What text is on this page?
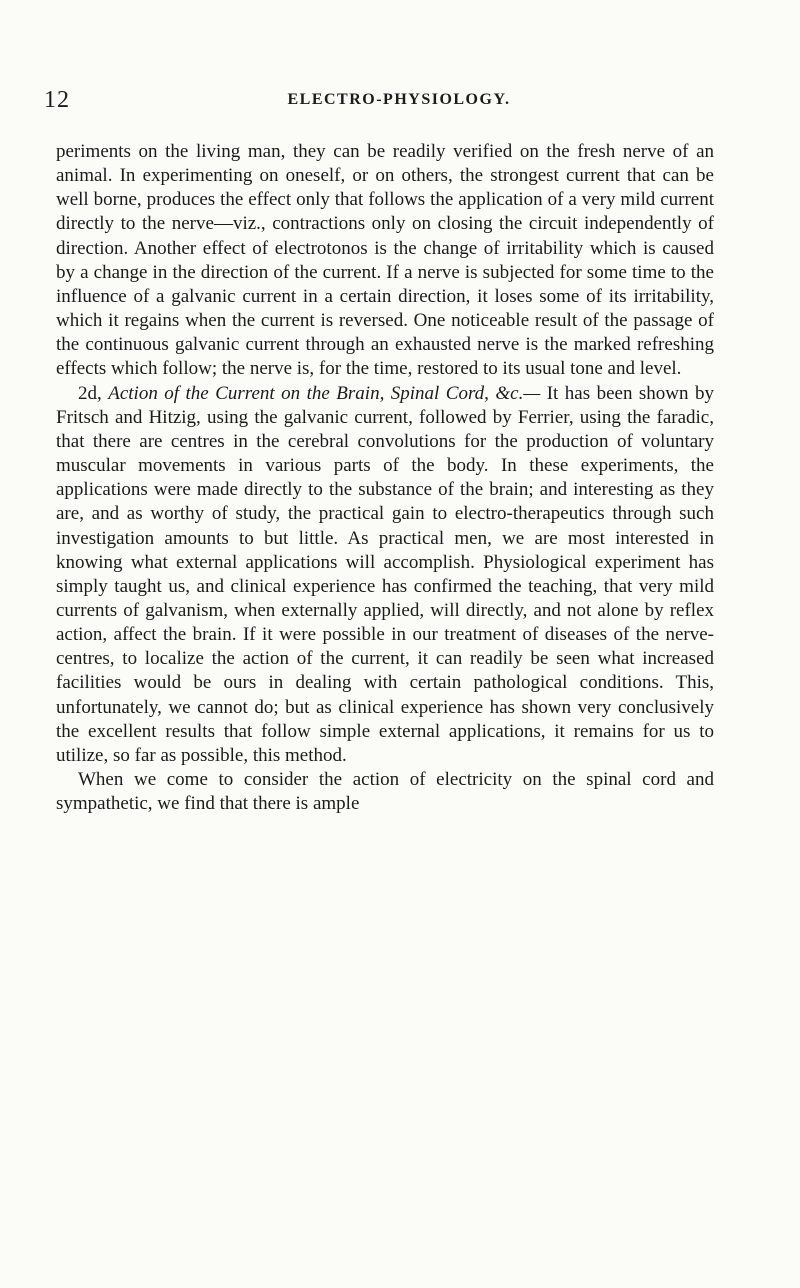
12	ELECTRO-PHYSIOLOGY.

periments on the living man, they can be readily verified on the fresh nerve of an animal. In experimenting on oneself, or on others, the strongest current that can be well borne, produces the effect only that follows the application of a very mild current directly to the nerve—viz., contractions only on closing the circuit independently of direction. Another effect of electrotonos is the change of irritability which is caused by a change in the direction of the current. If a nerve is subjected for some time to the influence of a galvanic current in a certain direction, it loses some of its irritability, which it regains when the current is reversed. One noticeable result of the passage of the continuous galvanic current through an exhausted nerve is the marked refreshing effects which follow; the nerve is, for the time, restored to its usual tone and level.

2d, Action of the Current on the Brain, Spinal Cord, &c.— It has been shown by Fritsch and Hitzig, using the galvanic current, followed by Ferrier, using the faradic, that there are centres in the cerebral convolutions for the production of voluntary muscular movements in various parts of the body. In these experiments, the applications were made directly to the substance of the brain; and interesting as they are, and as worthy of study, the practical gain to electro-therapeutics through such investigation amounts to but little. As practical men, we are most interested in knowing what external applications will accomplish. Physiological experiment has simply taught us, and clinical experience has confirmed the teaching, that very mild currents of galvanism, when externally applied, will directly, and not alone by reflex action, affect the brain. If it were possible in our treatment of diseases of the nerve-centres, to localize the action of the current, it can readily be seen what increased facilities would be ours in dealing with certain pathological conditions. This, unfortunately, we cannot do; but as clinical experience has shown very conclusively the excellent results that follow simple external applications, it remains for us to utilize, so far as possible, this method.

When we come to consider the action of electricity on the spinal cord and sympathetic, we find that there is ample
